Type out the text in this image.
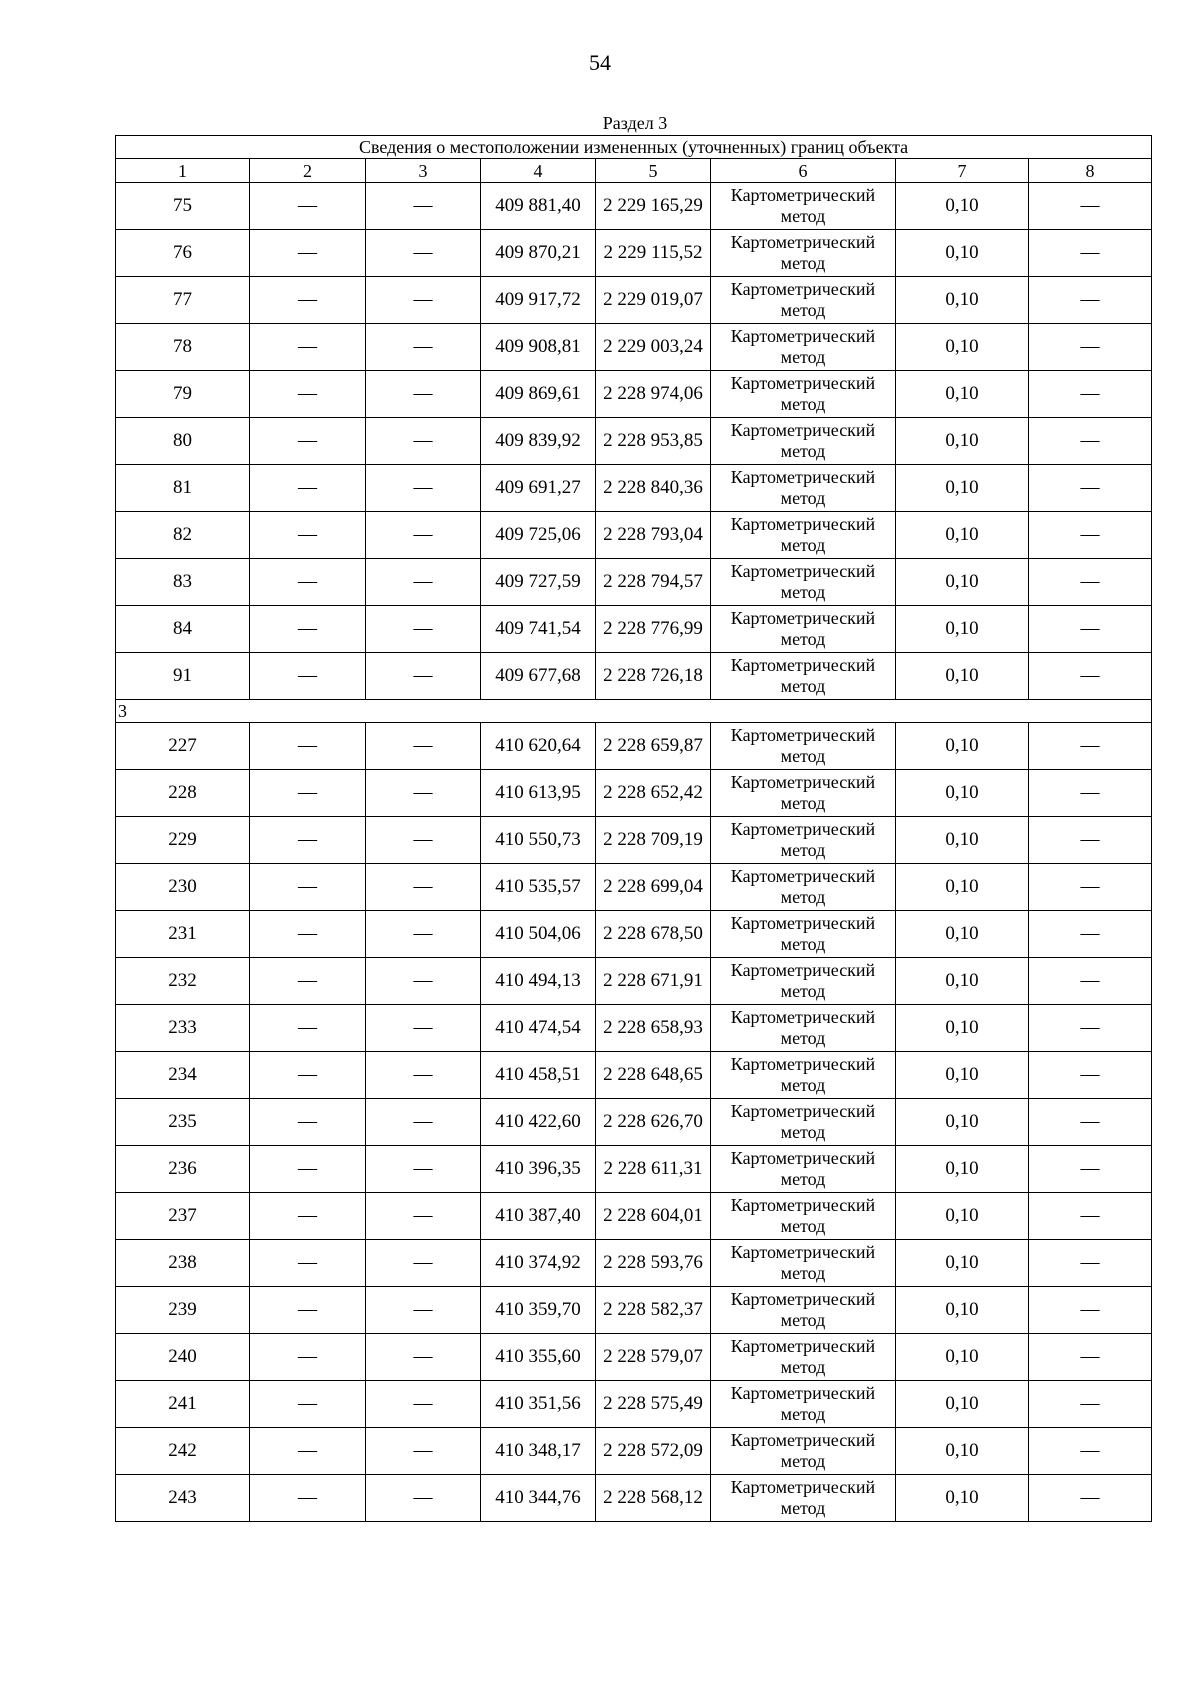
54
Раздел 3
Сведения о местоположении измененных (уточненных) границ объекта							
1	2	3	4	5	6	7	8
75	—	—	409 881,40	2 229 165,29	Картометрический метод	0,10	—
76	—	—	409 870,21	2 229 115,52	Картометрический метод	0,10	—
77	—	—	409 917,72	2 229 019,07	Картометрический метод	0,10	—
78	—	—	409 908,81	2 229 003,24	Картометрический метод	0,10	—
79	—	—	409 869,61	2 228 974,06	Картометрический метод	0,10	—
80	—	—	409 839,92	2 228 953,85	Картометрический метод	0,10	—
81	—	—	409 691,27	2 228 840,36	Картометрический метод	0,10	—
82	—	—	409 725,06	2 228 793,04	Картометрический метод	0,10	—
83	—	—	409 727,59	2 228 794,57	Картометрический метод	0,10	—
84	—	—	409 741,54	2 228 776,99	Картометрический метод	0,10	—
91	—	—	409 677,68	2 228 726,18	Картометрический метод	0,10	—
3							
227	—	—	410 620,64	2 228 659,87	Картометрический метод	0,10	—
228	—	—	410 613,95	2 228 652,42	Картометрический метод	0,10	—
229	—	—	410 550,73	2 228 709,19	Картометрический метод	0,10	—
230	—	—	410 535,57	2 228 699,04	Картометрический метод	0,10	—
231	—	—	410 504,06	2 228 678,50	Картометрический метод	0,10	—
232	—	—	410 494,13	2 228 671,91	Картометрический метод	0,10	—
233	—	—	410 474,54	2 228 658,93	Картометрический метод	0,10	—
234	—	—	410 458,51	2 228 648,65	Картометрический метод	0,10	—
235	—	—	410 422,60	2 228 626,70	Картометрический метод	0,10	—
236	—	—	410 396,35	2 228 611,31	Картометрический метод	0,10	—
237	—	—	410 387,40	2 228 604,01	Картометрический метод	0,10	—
238	—	—	410 374,92	2 228 593,76	Картометрический метод	0,10	—
239	—	—	410 359,70	2 228 582,37	Картометрический метод	0,10	—
240	—	—	410 355,60	2 228 579,07	Картометрический метод	0,10	—
241	—	—	410 351,56	2 228 575,49	Картометрический метод	0,10	—
242	—	—	410 348,17	2 228 572,09	Картометрический метод	0,10	—
243	—	—	410 344,76	2 228 568,12	Картометрический метод	0,10	—
